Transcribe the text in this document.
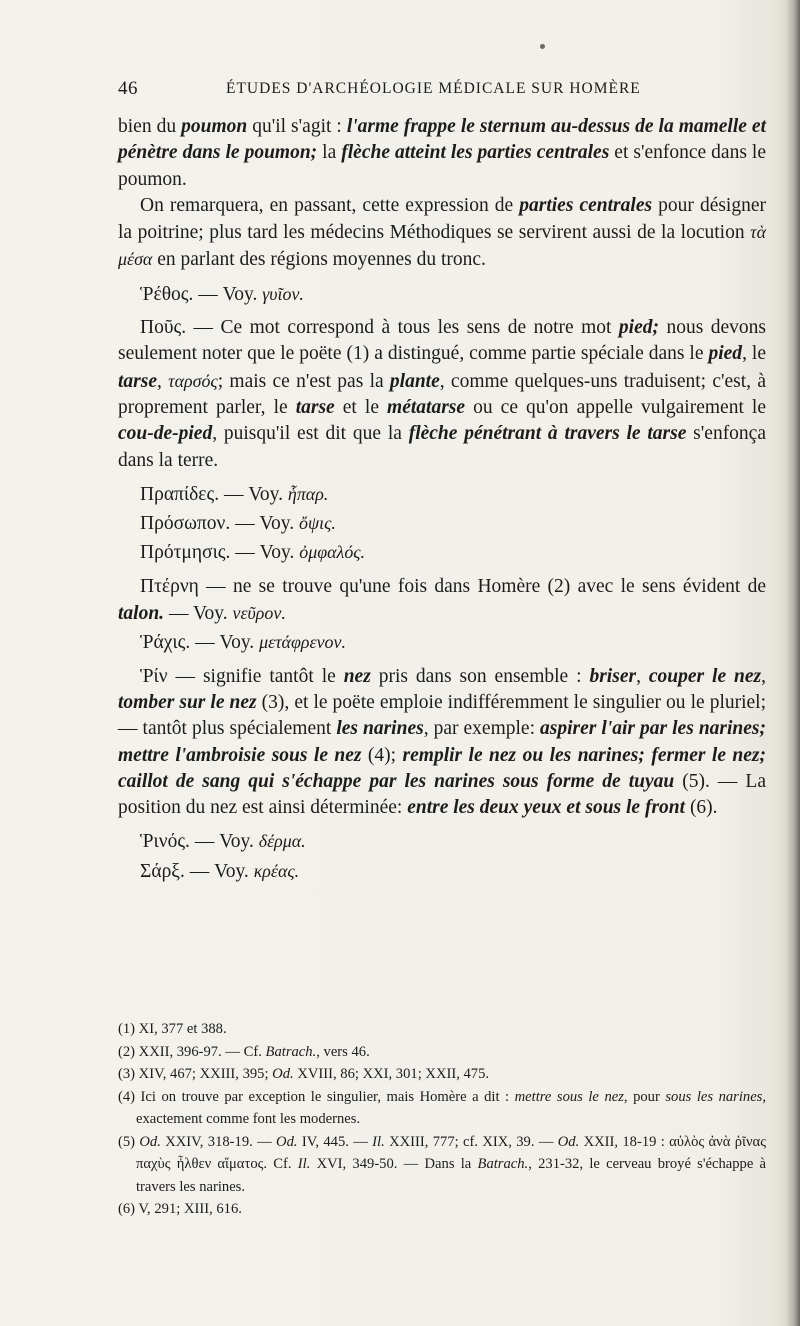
46	ÉTUDES D'ARCHÉOLOGIE MÉDICALE SUR HOMÈRE

bien du poumon qu'il s'agit : l'arme frappe le sternum au-dessus de la mamelle et pénètre dans le poumon; la flèche atteint les parties centrales et s'enfonce dans le poumon.

On remarquera, en passant, cette expression de parties centrales pour désigner la poitrine; plus tard les médecins Méthodiques se servirent aussi de la locution τὰ μέσα en parlant des régions moyennes du tronc.

Ῥέθος. — Voy. γυῖον.

Ποῦς. — Ce mot correspond à tous les sens de notre mot pied; nous devons seulement noter que le poëte (1) a distingué, comme partie spéciale dans le pied, le tarse, ταρσός; mais ce n'est pas la plante, comme quelques-uns traduisent; c'est, à proprement parler, le tarse et le métatarse ou ce qu'on appelle vulgairement le cou-de-pied, puisqu'il est dit que la flèche pénétrant à travers le tarse s'enfonça dans la terre.

Πραπίδες. — Voy. ἧπαρ.

Πρόσωπον. — Voy. ὄψις.

Πρότμησις. — Voy. ὀμφαλός.

Πτέρνη — ne se trouve qu'une fois dans Homère (2) avec le sens évident de talon. — Voy. νεῦρον.

Ῥάχις. — Voy. μετάφρενον.

Ῥίν — signifie tantôt le nez pris dans son ensemble : briser, couper le nez, tomber sur le nez (3), et le poëte emploie indifféremment le singulier ou le pluriel; — tantôt plus spécialement les narines, par exemple: aspirer l'air par les narines; mettre l'ambroisie sous le nez (4); remplir le nez ou les narines; fermer le nez; caillot de sang qui s'échappe par les narines sous forme de tuyau (5). — La position du nez est ainsi déterminée: entre les deux yeux et sous le front (6).

Ῥινός. — Voy. δέρμα.

Σάρξ. — Voy. κρέας.

(1) XI, 377 et 388.

(2) XXII, 396-97. — Cf. Batrach., vers 46.

(3) XIV, 467; XXIII, 395; Od. XVIII, 86; XXI, 301; XXII, 475.

(4) Ici on trouve par exception le singulier, mais Homère a dit : mettre sous le nez, pour sous les narines, exactement comme font les modernes.

(5) Od. XXIV, 318-19. — Od. IV, 445. — Il. XXIII, 777; cf. XIX, 39. — Od. XXII, 18-19 : αὐλὸς ἀνὰ ῥῖνας παχὺς ἦλθεν αἵματος. Cf. Il. XVI, 349-50. — Dans la Batrach., 231-32, le cerveau broyé s'échappe à travers les narines.

(6) V, 291; XIII, 616.
